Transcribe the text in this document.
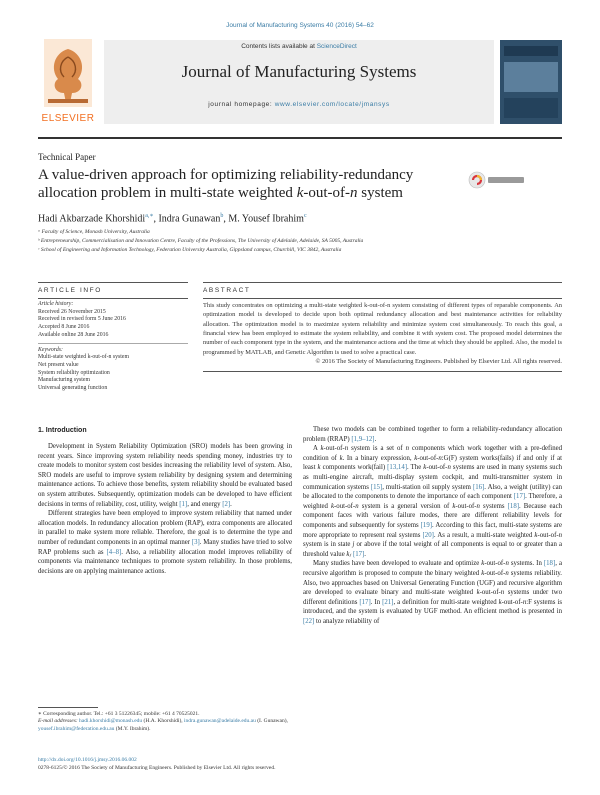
Journal of Manufacturing Systems 40 (2016) 54–62
ELSEVIER
Contents lists available at ScienceDirect
Journal of Manufacturing Systems
journal homepage: www.elsevier.com/locate/jmansys
Technical Paper
A value-driven approach for optimizing reliability-redundancy
allocation problem in multi-state weighted k-out-of-n system
Hadi Akbarzade Khorshidi$^{a,∗}$, Indra Gunawan$^b$, M. Yousef Ibrahim$^c$
ᵃ Faculty of Science, Monash University, Australia
ᵇ Entrepreneurship, Commercialisation and Innovation Centre, Faculty of the Professions, The University of Adelaide, Adelaide, SA 5005, Australia
ᶜ School of Engineering and Information Technology, Federation University Australia, Gippsland campus, Churchill, VIC 3842, Australia
ARTICLE INFO
Article history:
Received 26 November 2015
Received in revised form 5 June 2016
Accepted 8 June 2016
Available online 28 June 2016
Keywords:
Multi-state weighted k-out-of-n system
Net present value
System reliability optimization
Manufacturing system
Universal generating function
ABSTRACT
This study concentrates on optimizing a multi-state weighted k-out-of-n system consisting of different types of reparable components. An optimization model is developed to decide upon both optimal redundancy allocation and best maintenance activities for reliability allocation. The optimization model is to maximize system reliability and minimize system cost simultaneously. To reach this goal, a financial view has been employed to estimate the system reliability, and combine it with system cost. The proposed model determines the number of each component type in the system, and the maintenance actions and the time at which they should be applied. Also, the model is programmed by MATLAB, and Genetic Algorithm is used to solve a practical case.
© 2016 The Society of Manufacturing Engineers. Published by Elsevier Ltd. All rights reserved.
1. Introduction

Development in System Reliability Optimization (SRO) models has been growing in recent years. Since improving system reliability needs spending money, industries try to create models to monitor system cost besides increasing the reliability level of system. Also, SRO models are useful to improve system reliability by designing system and determining maintenance actions. To achieve those benefits, system reliability should be evaluated based on system attributes. Subsequently, optimization models can be developed to have efficient decisions in terms of reliability, cost, utility, weight [1], and energy [2].

Different strategies have been employed to improve system reliability that named under allocation models. In redundancy allocation problem (RAP), extra components are allocated in parallel to make system more reliable. Therefore, the goal is to determine the type and number of redundant components in an optimal manner [3]. Many studies have tried to solve RAP problems such as [4–8]. Also, a reliability allocation model improves reliability of components via maintenance techniques to promote system reliability. In those problems, decisions are on applying maintenance actions.

These two models can be combined together to form a reliability-redundancy allocation problem (RRAP) [1,9–12].

A k-out-of-n system is a set of n components which work together with a pre-defined condition of k. In a binary expression, k-out-of-n:G(F) system works(fails) if and only if at least k components work(fail) [13,14]. The k-out-of-n systems are used in many systems such as multi-engine aircraft, multi-display system cockpit, and multi-transmitter system in communication systems [15], multi-station oil supply system [16]. Also, a weight (utility) can be allocated to the components to denote the importance of each component [17]. Therefore, a weighted k-out-of-n system is a general version of k-out-of-n systems [18]. Because each component faces with various failure modes, there are different reliability levels for components and subsequently for systems [19]. According to this fact, multi-state systems are more appropriate to represent real systems [20]. As a result, a multi-state weighted k-out-of-n system is in state j or above if the total weight of all components is equal to or greater than a threshold value kⱼ [17].

Many studies have been developed to evaluate and optimize k-out-of-n systems. In [18], a recursive algorithm is proposed to compute the binary weighted k-out-of-n systems reliability. Also, two approaches based on Universal Generating Function (UGF) and recursive algorithm are developed to evaluate binary and multi-state weighted k-out-of-n systems under two different definitions [17]. In [21], a definition for multi-state weighted k-out-of-n:F systems is introduced, and the system is evaluated by UGF method. An efficient method is presented in [22] to analyze reliability of

∗ Corresponding author. Tel.: +61 3 51226345; mobile: +61 4 70525021.
E-mail addresses: hadi.khorshidi@monash.edu (H.A. Khorshidi), indra.gunawan@adelaide.edu.au (I. Gunawan), yousef.ibrahim@federation.edu.au (M.Y. Ibrahim).
http://dx.doi.org/10.1016/j.jmsy.2016.06.002
0278-6125/© 2016 The Society of Manufacturing Engineers. Published by Elsevier Ltd. All rights reserved.
